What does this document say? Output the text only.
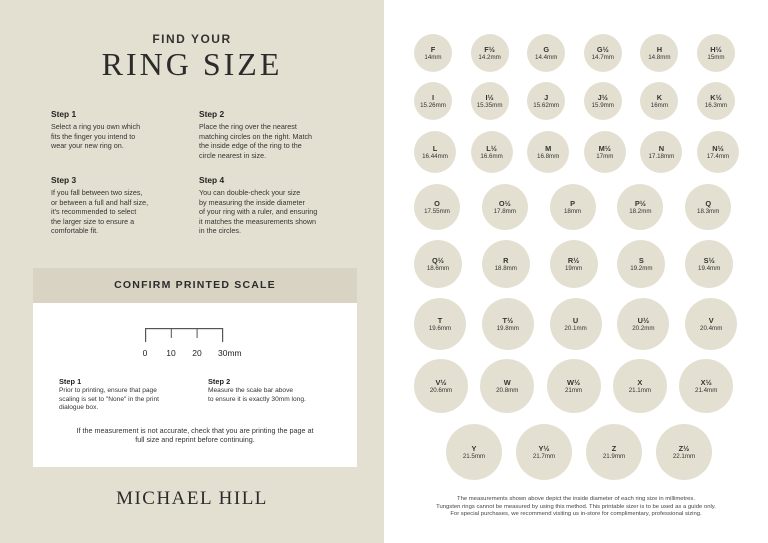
FIND YOUR
RING SIZE
Step 1
Select a ring you own which
fits the finger you intend to
wear your new ring on.
Step 2
Place the ring over the nearest
matching circles on the right. Match
the inside edge of the ring to the
circle nearest in size.
Step 3
If you fall between two sizes,
or between a full and half size,
it's recommended to select
the larger size to ensure a
comfortable fit.
Step 4
You can double-check your size
by measuring the inside diameter
of your ring with a ruler, and ensuring
it matches the measurements shown
in the circles.
CONFIRM PRINTED SCALE
0 10 20 30mm
Step 1
Prior to printing, ensure that page
scaling is set to "None" in the print
dialogue box.
Step 2
Measure the scale bar above
to ensure it is exactly 30mm long.
If the measurement is not accurate, check that you are printing the page at
full size and reprint before continuing.
MICHAEL HILL
F
14mm
F½
14.2mm
G
14.4mm
G½
14.7mm
H
14.8mm
H½
15mm
I
15.26mm
I½
15.35mm
J
15.62mm
J½
15.9mm
K
16mm
K½
16.3mm
L
16.44mm
L½
16.6mm
M
16.8mm
M½
17mm
N
17.18mm
N½
17.4mm
O
17.55mm
O½
17.8mm
P
18mm
P½
18.2mm
Q
18.3mm
Q½
18.6mm
R
18.8mm
R½
19mm
S
19.2mm
S½
19.4mm
T
19.6mm
T½
19.8mm
U
20.1mm
U½
20.2mm
V
20.4mm
V½
20.6mm
W
20.8mm
W½
21mm
X
21.1mm
X½
21.4mm
Y
21.5mm
Y½
21.7mm
Z
21.9mm
Z½
22.1mm
The measurements shown above depict the inside diameter of each ring size in millimetres.
Tungsten rings cannot be measured by using this method. This printable sizer is to be used as a guide only.
For special purchases, we recommend visiting us in-store for complimentary, professional sizing.
